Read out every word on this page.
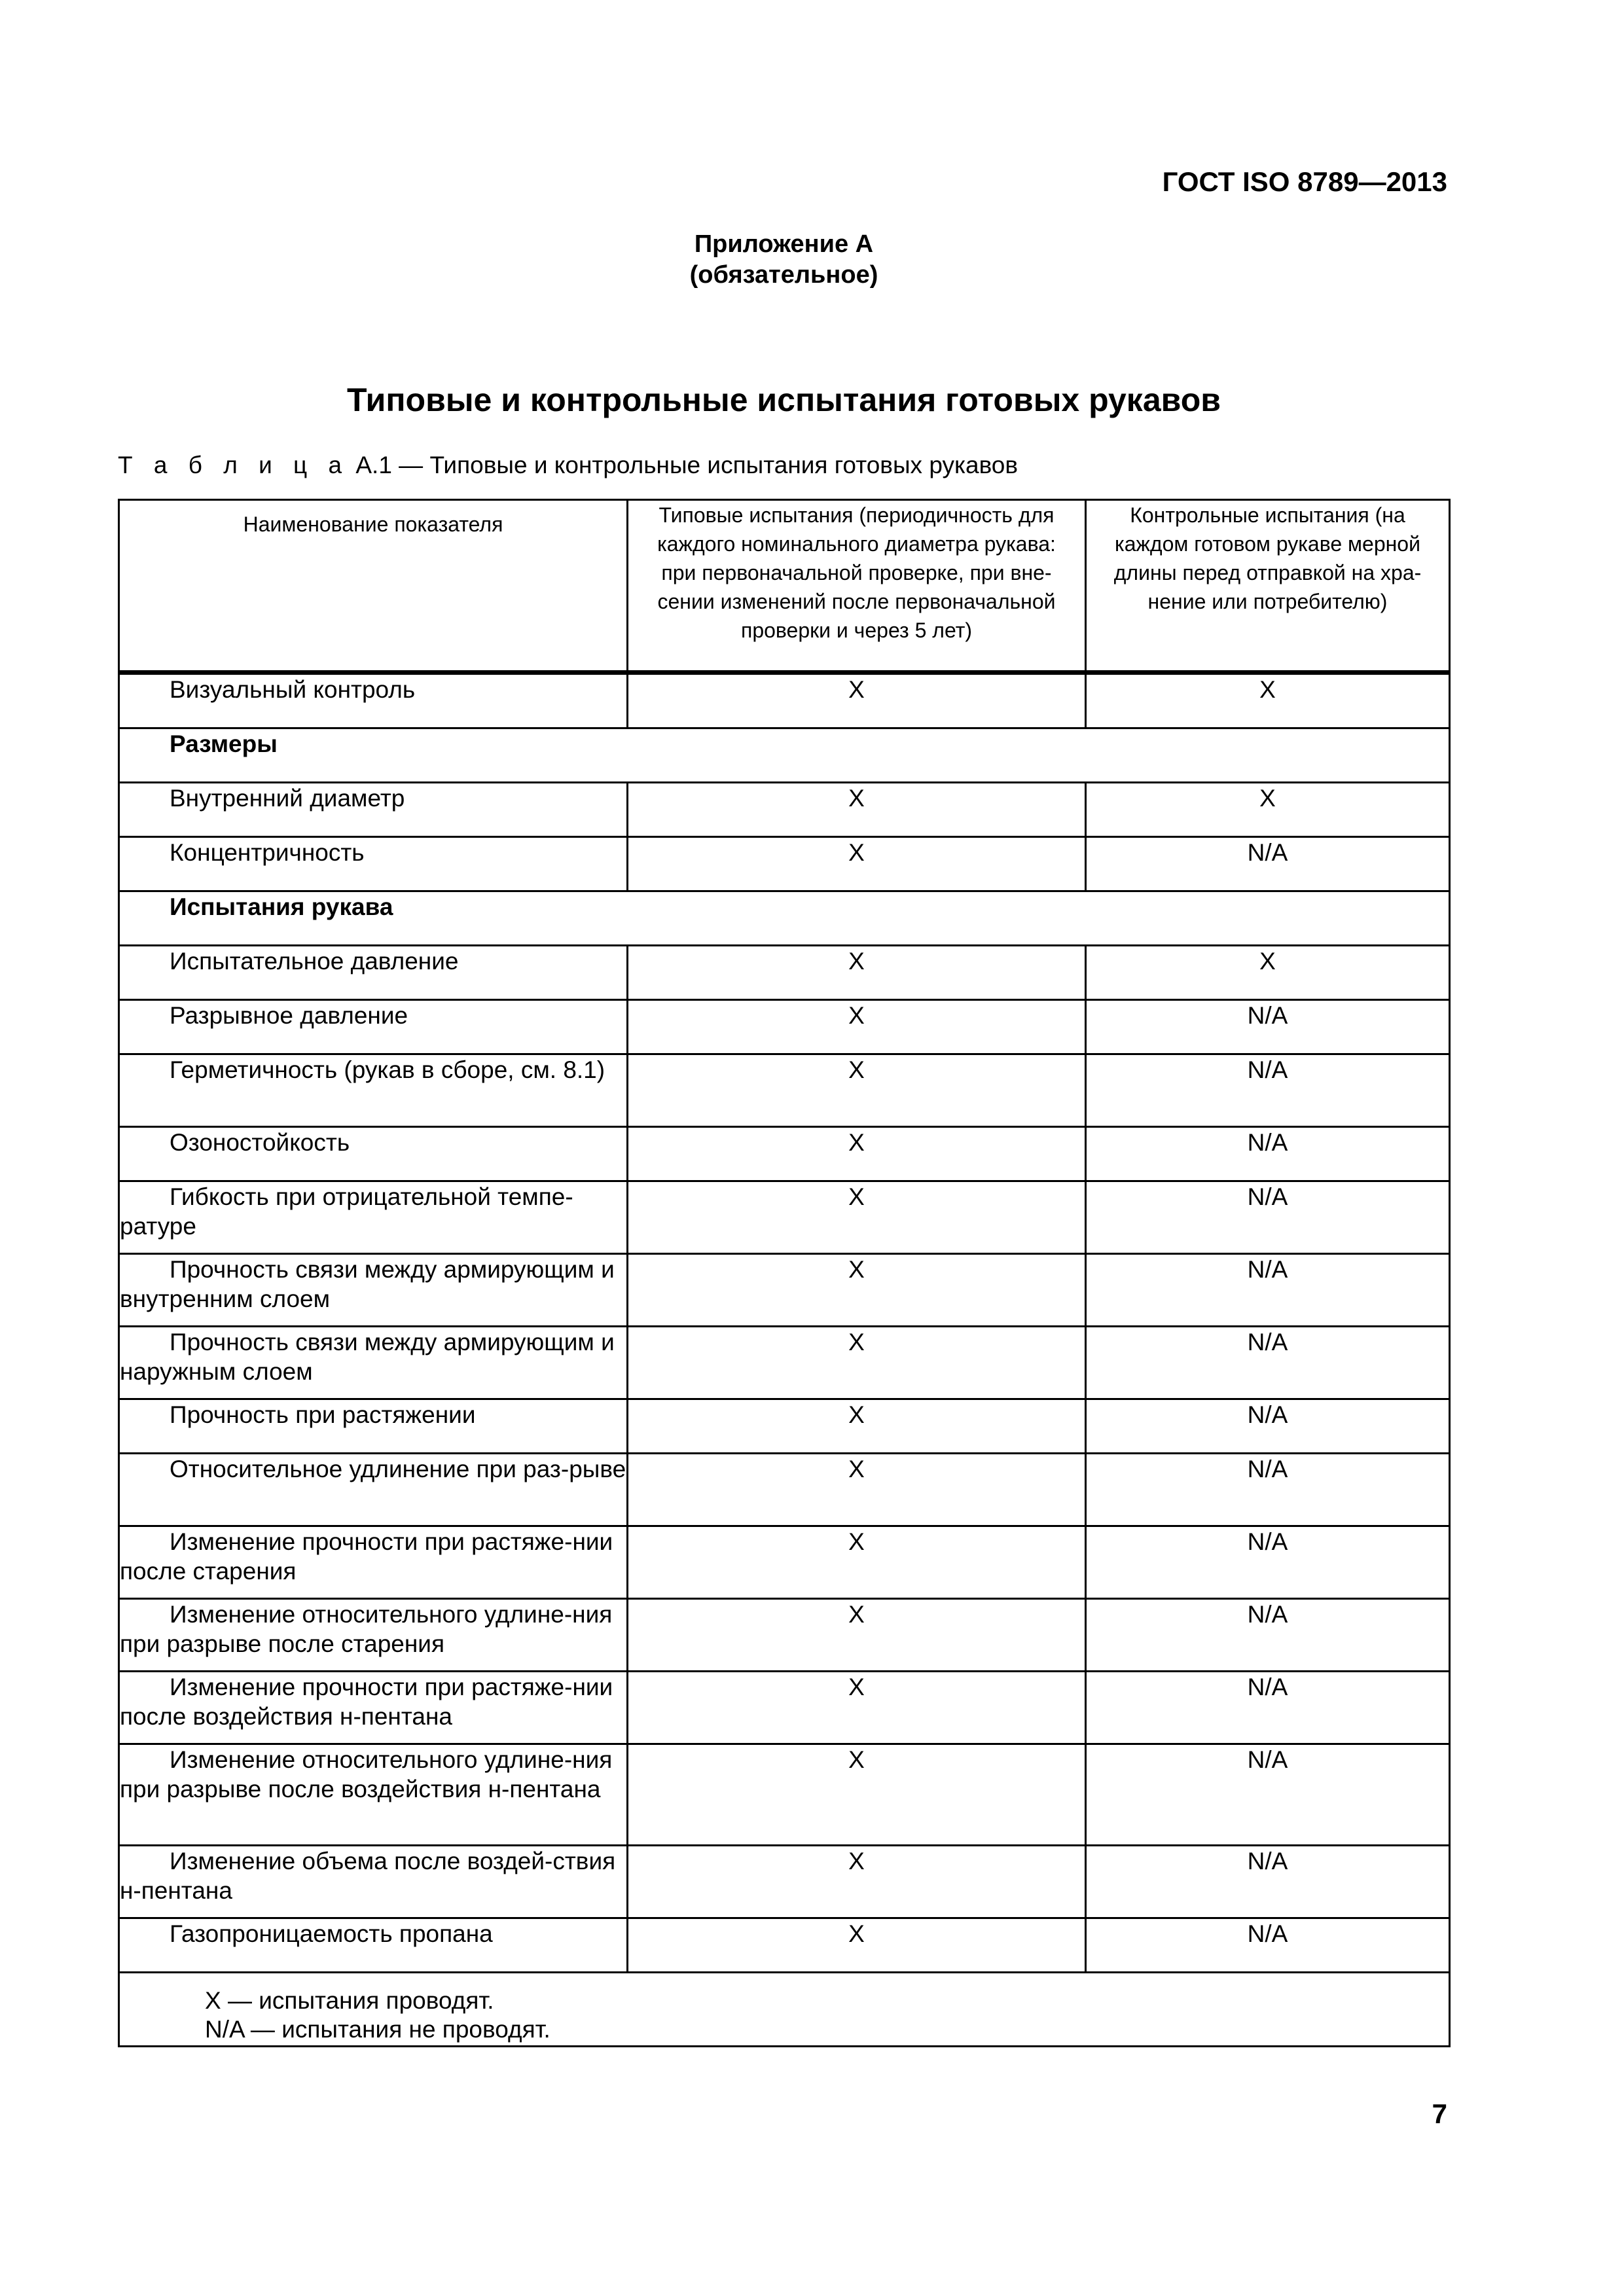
ГОСТ ISO 8789—2013
Приложение А
(обязательное)
Типовые и контрольные испытания готовых рукавов
Т а б л и ц а А.1 — Типовые и контрольные испытания готовых рукавов
Наименование показателя	Типовые испытания (периодичность для каждого номинального диаметра рукава: при первоначальной проверке, при вне-сении изменений после первоначальной проверки и через 5 лет)	Контрольные испытания (на каждом готовом рукаве мерной длины перед отправкой на хра-нение или потребителю)

Визуальный контроль	X	X
Размеры		
Внутренний диаметр	X	X
Концентричность	X	N/A
Испытания рукава		
Испытательное давление	X	X
Разрывное давление	X	N/A
Герметичность (рукав в сборе, см. 8.1)	X	N/A
Озоностойкость	X	N/A
Гибкость при отрицательной темпе-ратуре	X	N/A
Прочность связи между армирующим и внутренним слоем	X	N/A
Прочность связи между армирующим и наружным слоем	X	N/A
Прочность при растяжении	X	N/A
Относительное удлинение при раз-рыве	X	N/A
Изменение прочности при растяже-нии после старения	X	N/A
Изменение относительного удлине-ния при разрыве после старения	X	N/A
Изменение прочности при растяже-нии после воздействия н-пентана	X	N/A
Изменение относительного удлине-ния при разрыве после воздействия н-пентана	X	N/A
Изменение объема после воздей-ствия н-пентана	X	N/A
Газопроницаемость пропана	X	N/A

X — испытания проводят.
N/A — испытания не проводят.		
7
